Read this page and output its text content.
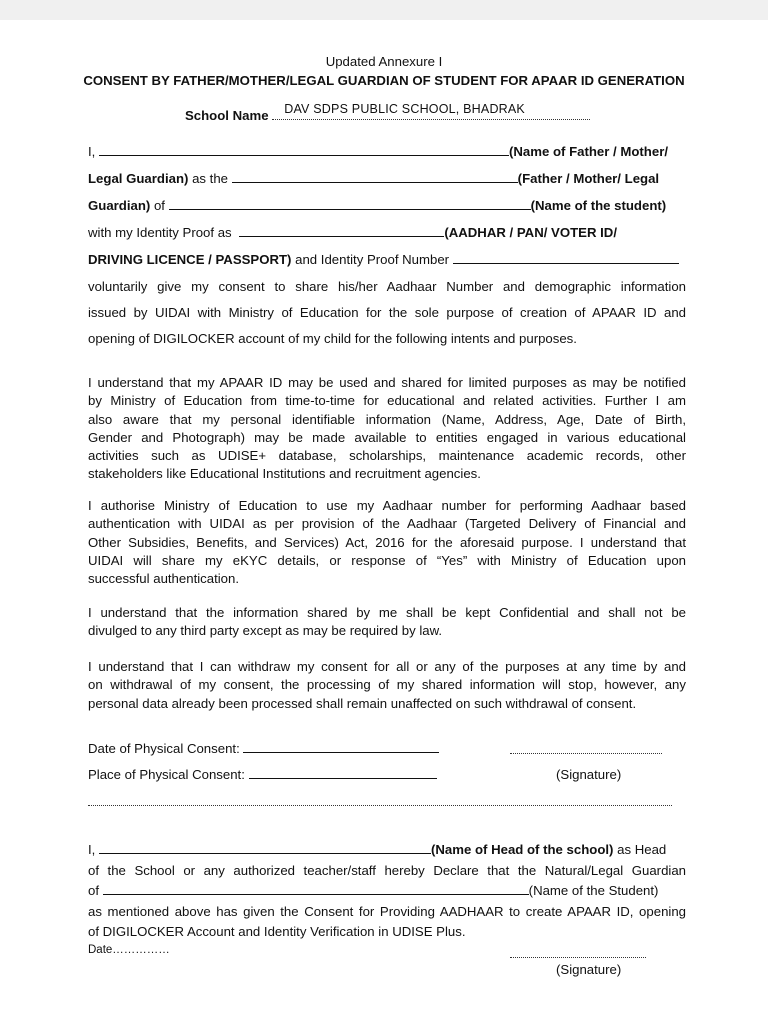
Updated Annexure I
CONSENT BY FATHER/MOTHER/LEGAL GUARDIAN OF STUDENT FOR APAAR ID GENERATION
School Name DAV SDPS PUBLIC SCHOOL, BHADRAK
I,	(Name of Father / Mother/
Legal Guardian) as the	(Father / Mother/ Legal
Guardian) of	(Name of the student)
with my Identity Proof as	(AADHAR / PAN/ VOTER ID/
DRIVING LICENCE / PASSPORT) and Identity Proof Number
voluntarily give my consent to share his/her Aadhaar Number and demographic information
issued by UIDAI with Ministry of Education for the sole purpose of creation of APAAR ID and
opening of DIGILOCKER account of my child for the following intents and purposes.
I understand that my APAAR ID may be used and shared for limited purposes as may be notified
by Ministry of Education from time-to-time for educational and related activities. Further I am
also aware that my personal identifiable information (Name, Address, Age, Date of Birth,
Gender and Photograph) may be made available to entities engaged in various educational
activities such as UDISE+ database, scholarships, maintenance academic records, other
stakeholders like Educational Institutions and recruitment agencies.
I authorise Ministry of Education to use my Aadhaar number for performing Aadhaar based
authentication with UIDAI as per provision of the Aadhaar (Targeted Delivery of Financial and
Other Subsidies, Benefits, and Services) Act, 2016 for the aforesaid purpose. I understand that
UIDAI will share my eKYC details, or response of “Yes” with Ministry of Education upon
successful authentication.
I understand that the information shared by me shall be kept Confidential and shall not be
divulged to any third party except as may be required by law.
I understand that I can withdraw my consent for all or any of the purposes at any time by and
on withdrawal of my consent, the processing of my shared information will stop, however, any
personal data already been processed shall remain unaffected on such withdrawal of consent.
Date of Physical Consent:
Place of Physical Consent:	(Signature)
I,	(Name of Head of the school) as Head
of the School or any authorized teacher/staff hereby Declare that the Natural/Legal Guardian
of	(Name of the Student)
as mentioned above has given the Consent for Providing AADHAAR to create APAAR ID, opening
of DIGILOCKER Account and Identity Verification in UDISE Plus.
Date……………
(Signature)
